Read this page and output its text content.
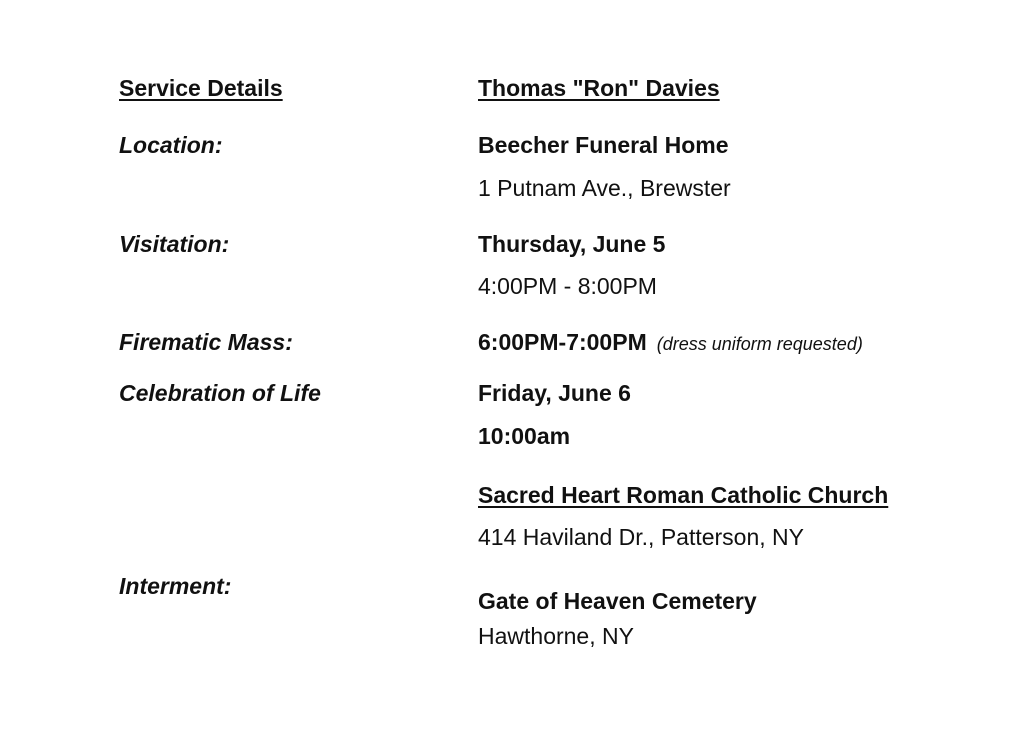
Service Details	Thomas "Ron" Davies
Location:	Beecher Funeral Home
1 Putnam Ave., Brewster
Visitation:	Thursday, June 5
4:00PM - 8:00PM
Firematic Mass:	6:00PM-7:00PM (dress uniform requested)
Celebration of Life	Friday, June 6
10:00am
Sacred Heart Roman Catholic Church
414 Haviland Dr., Patterson, NY
Interment:
Gate of Heaven Cemetery
Hawthorne, NY
